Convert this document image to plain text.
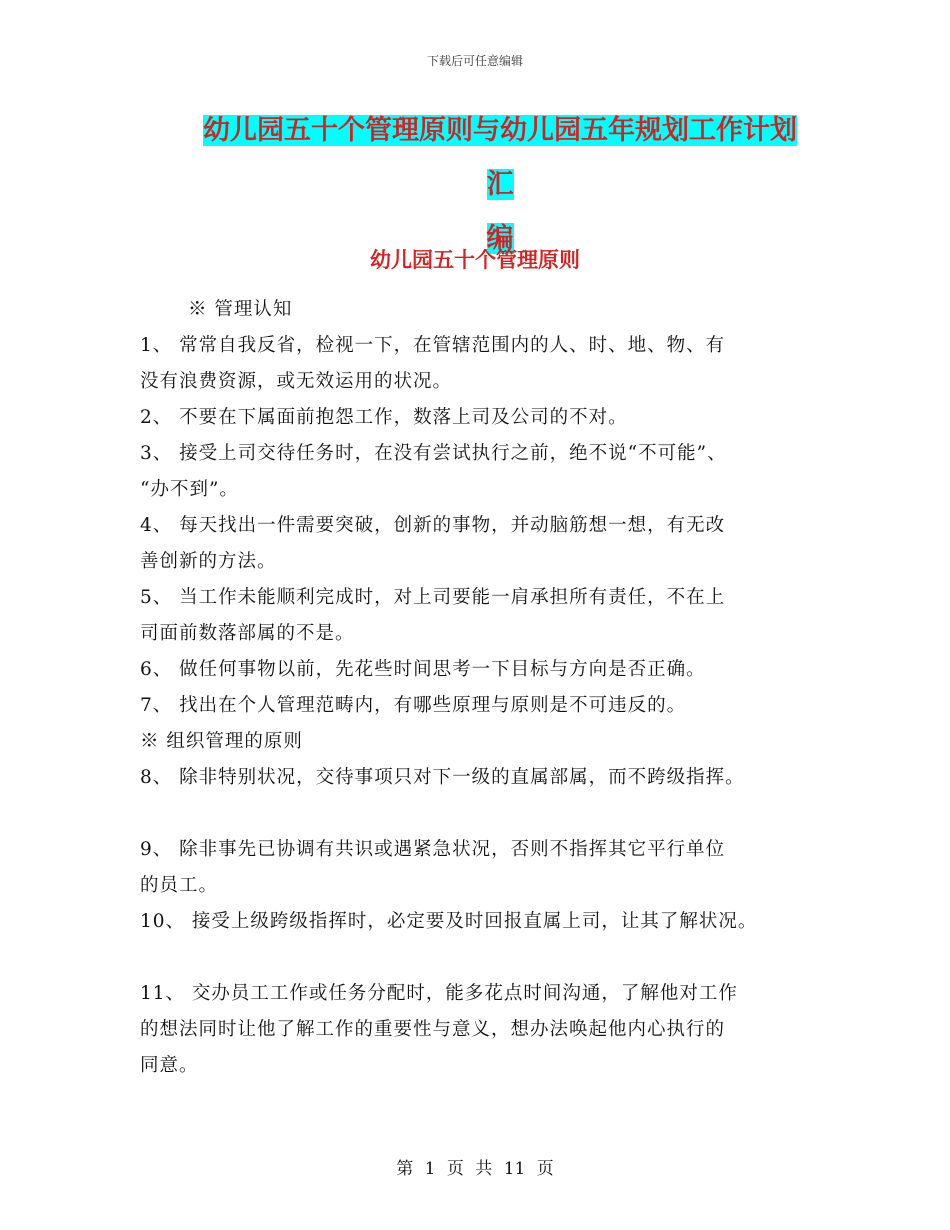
下载后可任意编辑
幼儿园五十个管理原则与幼儿园五年规划工作计划汇
编
幼儿园五十个管理原则
※ 管理认知
1、 常常自我反省，检视一下，在管辖范围内的人、时、地、物、有
没有浪费资源，或无效运用的状况。
2、 不要在下属面前抱怨工作，数落上司及公司的不对。
3、 接受上司交待任务时，在没有尝试执行之前，绝不说“不可能”、
“办不到”。
4、 每天找出一件需要突破，创新的事物，并动脑筋想一想，有无改
善创新的方法。
5、 当工作未能顺利完成时，对上司要能一肩承担所有责任，不在上
司面前数落部属的不是。
6、 做任何事物以前，先花些时间思考一下目标与方向是否正确。
7、 找出在个人管理范畴内，有哪些原理与原则是不可违反的。
※ 组织管理的原则
8、 除非特别状况，交待事项只对下一级的直属部属，而不跨级指挥。
9、 除非事先已协调有共识或遇紧急状况，否则不指挥其它平行单位
的员工。
10、 接受上级跨级指挥时，必定要及时回报直属上司，让其了解状况。
11、 交办员工工作或任务分配时，能多花点时间沟通，了解他对工作
的想法同时让他了解工作的重要性与意义，想办法唤起他内心执行的
同意。
第 1 页 共 11 页
